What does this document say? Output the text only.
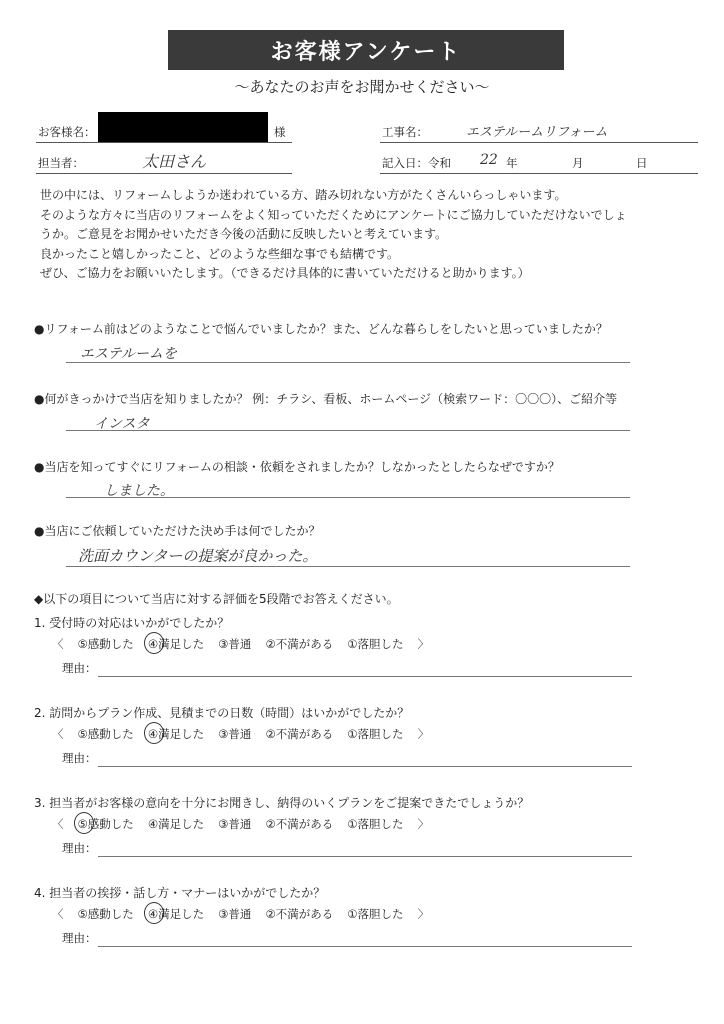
お客様アンケート
～あなたのお声をお聞かせください～
お客様名：	様	工事名：	エステルームリフォーム
担当者：	太田さん	記入日：令和 22 年	月	日
世の中には、リフォームしようか迷われている方、踏み切れない方がたくさんいらっしゃいます。
そのような方々に当店のリフォームをよく知っていただくためにアンケートにご協力していただけないでしょ
うか。ご意見をお聞かせいただき今後の活動に反映したいと考えています。
良かったこと嬉しかったこと、どのような些細な事でも結構です。
ぜひ、ご協力をお願いいたします。（できるだけ具体的に書いていただけると助かります。）
●リフォーム前はどのようなことで悩んでいましたか？また、どんな暮らしをしたいと思っていましたか？
エステルームを
●何がきっかけで当店を知りましたか？ 例：チラシ、看板、ホームページ（検索ワード：〇〇〇）、ご紹介等
インスタ
●当店を知ってすぐにリフォームの相談・依頼をされましたか？しなかったとしたらなぜですか？
しました。
●当店にご依頼していただけた決め手は何でしたか？
洗面カウンターの提案が良かった。
◆以下の項目について当店に対する評価を5段階でお答えください。
1. 受付時の対応はいかがでしたか？
〈 ⑤感動した ④満足した ③普通 ②不満がある ①落胆した 〉
理由：
2. 訪問からプラン作成、見積までの日数（時間）はいかがでしたか？
〈 ⑤感動した ④満足した ③普通 ②不満がある ①落胆した 〉
理由：
3. 担当者がお客様の意向を十分にお聞きし、納得のいくプランをご提案できたでしょうか？
〈 ⑤感動した ④満足した ③普通 ②不満がある ①落胆した 〉
理由：
4. 担当者の挨拶・話し方・マナーはいかがでしたか？
〈 ⑤感動した ④満足した ③普通 ②不満がある ①落胆した 〉
理由：
